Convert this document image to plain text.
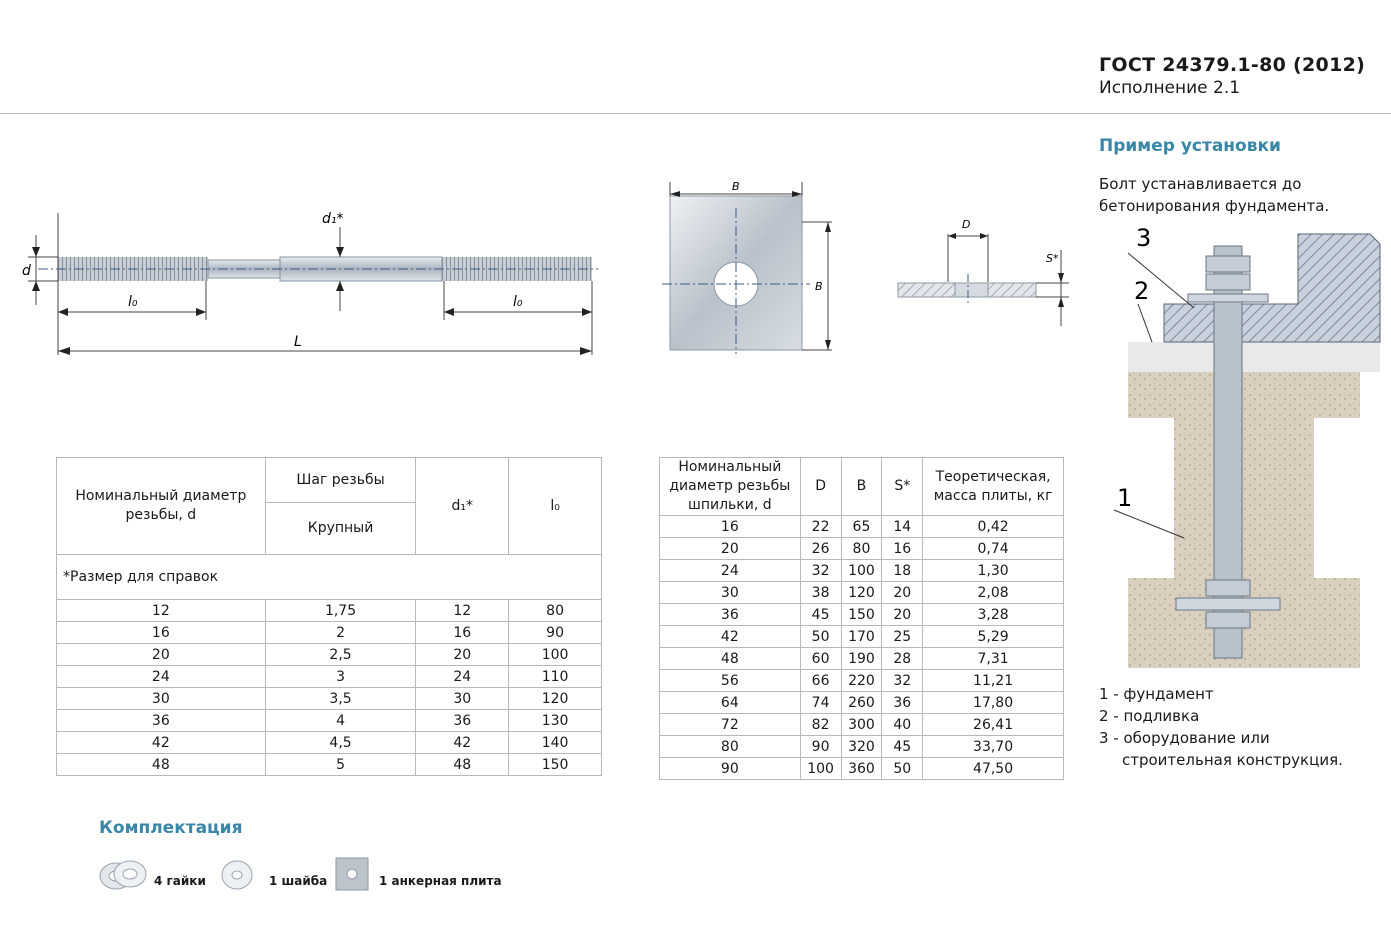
ГОСТ 24379.1-80 (2012)
Исполнение 2.1
d
d₁*
l₀	l₀
L
B
B
D
S*
Пример установки
Болт устанавливается до бетонирования фундамента.
3
2
1
1 - фундамент
2 - подливка
3 - оборудование или
строительная конструкция.
Номинальный диаметр резьбы, d	Шаг резьбы	d₁*	l₀
	Крупный		
*Размер для справок			
12	1,75	12	80
16	2	16	90
20	2,5	20	100
24	3	24	110
30	3,5	30	120
36	4	36	130
42	4,5	42	140
48	5	48	150
Номинальный диаметр резьбы шпильки, d	D	B	S*	Теоретическая, масса плиты, кг
16	22	65	14	0,42
20	26	80	16	0,74
24	32	100	18	1,30
30	38	120	20	2,08
36	45	150	20	3,28
42	50	170	25	5,29
48	60	190	28	7,31
56	66	220	32	11,21
64	74	260	36	17,80
72	82	300	40	26,41
80	90	320	45	33,70
90	100	360	50	47,50
Комплектация
4 гайки	1 шайба	1 анкерная плита
